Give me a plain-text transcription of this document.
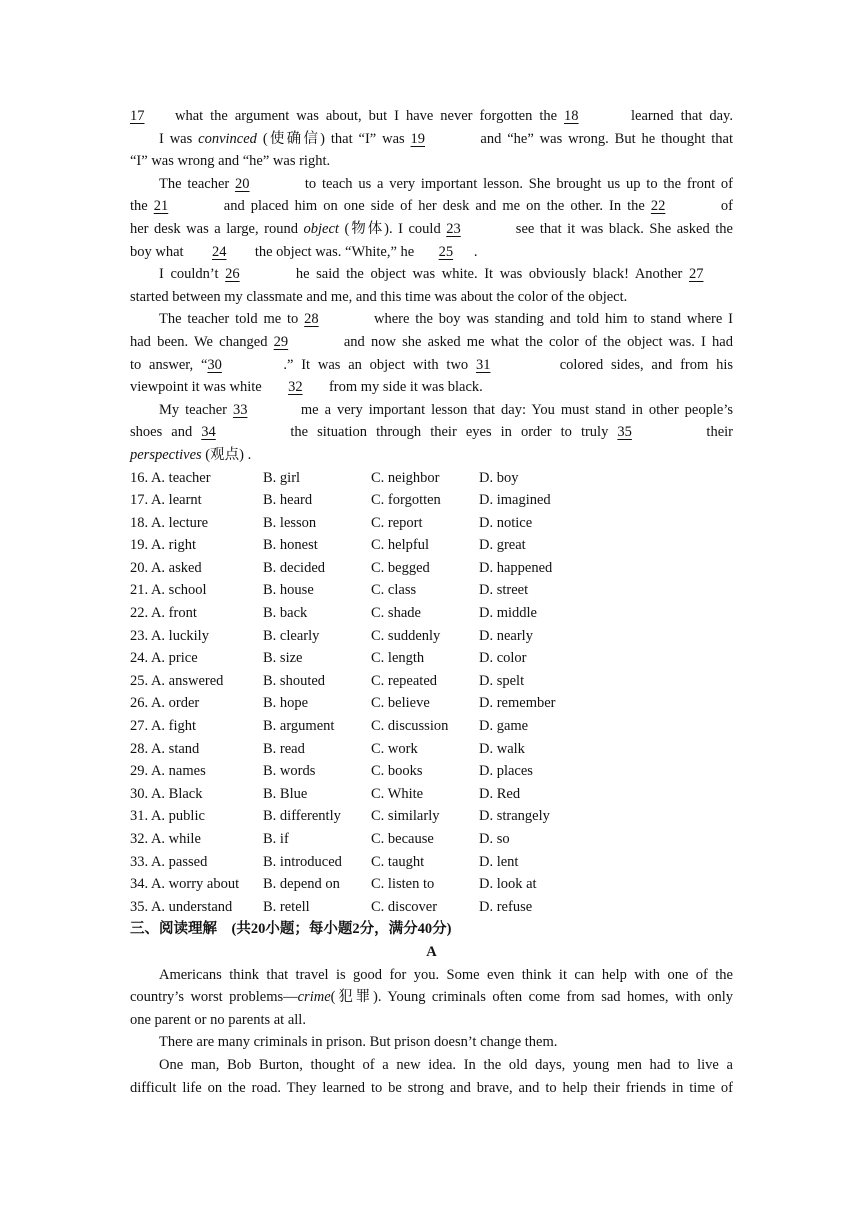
17 what the argument was about, but I have never forgotten the 18	learned that day.
I was convinced (使确信) that “I” was 19	and “he” was wrong. But he thought that
“I” was wrong and “he” was right.
The teacher 20	to teach us a very important lesson. She brought us up to the front of
the 21	and placed him on one side of her desk and me on the other. In the 22	of
her desk was a large, round object (物体). I could 23	see that it was black. She asked the
boy what 24 the object was. “White,” he 25 .
I couldn’t 26	he said the object was white. It was obviously black! Another 27
started between my classmate and me, and this time was about the color of the object.
The teacher told me to 28	where the boy was standing and told him to stand where I
had been. We changed 29	and now she asked me what the color of the object was. I had
to answer, “30	.” It was an object with two 31	colored sides, and from his
viewpoint it was white 32 from my side it was black.
My teacher 33	me a very important lesson that day: You must stand in other people’s
shoes and 34	the situation through their eyes in order to truly 35	their
perspectives (观点) .
16. A. teacher	B. girl	C. neighbor	D. boy
17. A. learnt	B. heard	C. forgotten	D. imagined
18. A. lecture	B. lesson	C. report	D. notice
19. A. right	B. honest	C. helpful	D. great
20. A. asked	B. decided	C. begged	D. happened
21. A. school	B. house	C. class	D. street
22. A. front	B. back	C. shade	D. middle
23. A. luckily	B. clearly	C. suddenly	D. nearly
24. A. price	B. size	C. length	D. color
25. A. answered	B. shouted	C. repeated	D. spelt
26. A. order	B. hope	C. believe	D. remember
27. A. fight	B. argument	C. discussion D. game
28. A. stand	B. read	C. work	D. walk
29. A. names	B. words	C. books	D. places
30. A. Black	B. Blue	C. White	D. Red
31. A. public	B. differently C. similarly	D. strangely
32. A. while	B. if	C. because	D. so
33. A. passed	B. introduced C. taught	D. lent
34. A. worry about B. depend on C. listen to	D. look at
35. A. understand B. retell	C. discover	D. refuse
三、阅读理解　(共20小题；每小题2分，满分40分)
A
Americans think that travel is good for you. Some even think it can help with one of the
country’s worst problems—crime(犯罪). Young criminals often come from sad homes, with only
one parent or no parents at all.
There are many criminals in prison. But prison doesn’t change them.
One man, Bob Burton, thought of a new idea. In the old days, young men had to live a
difficult life on the road. They learned to be strong and brave, and to help their friends in time of
